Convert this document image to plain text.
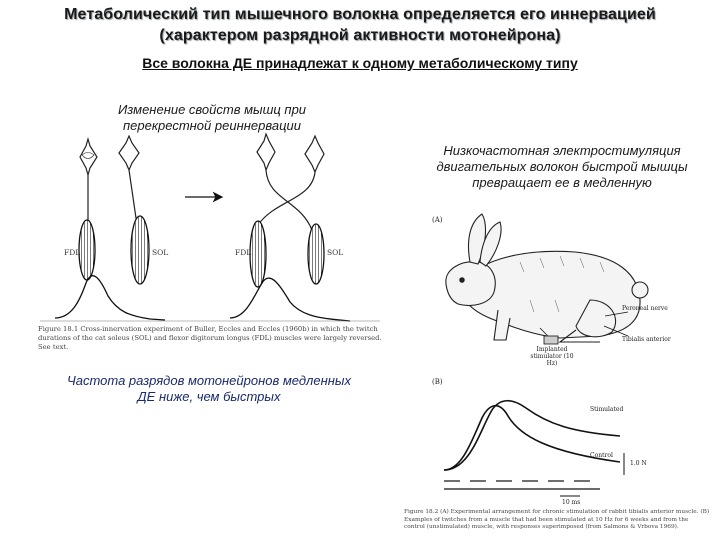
Метаболический тип мышечного волокна определяется его иннервацией
(характером разрядной активности мотонейрона)
Все волокна ДЕ принадлежат к одному метаболическому типу
Изменение свойств мышц при перекрестной реиннервации
Низкочастотная электростимуляция двигательных волокон быстрой мышцы превращает ее в медленную
Частота разрядов мотонейронов медленных ДЕ ниже, чем быстрых
FDL	SOL	FDL	SOL
Figure 18.1 Cross-innervation experiment of Buller, Eccles and Eccles (1960b) in which the twitch durations of the cat soleus (SOL) and flexor digitorum longus (FDL) muscles were largely reversed. See text.
(A)
(B)
Peroneal nerve
Tibialis anterior
Implanted stimulator (10 Hz)
Stimulated
Control
1.0 N
10 ms
Figure 18.2 (A) Experimental arrangement for chronic stimulation of rabbit tibialis anterior muscle. (B) Examples of twitches from a muscle that had been stimulated at 10 Hz for 6 weeks and from the control (unstimulated) muscle, with responses superimposed (from Salmons & Vrbova 1969).
